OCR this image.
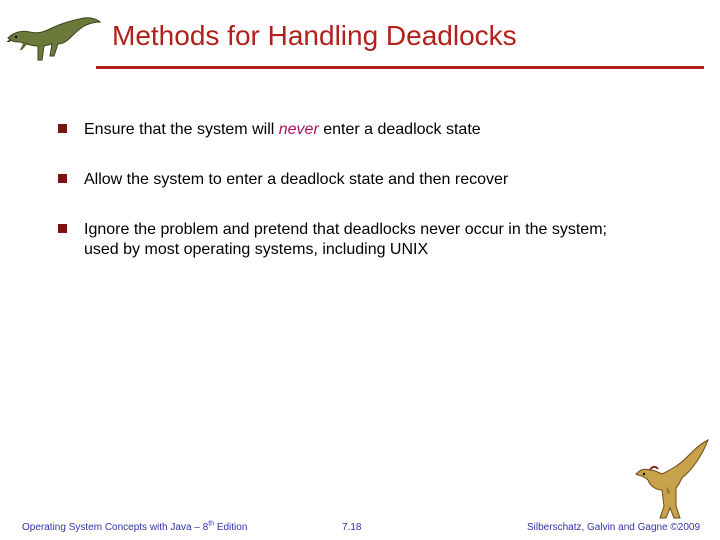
Methods for Handling Deadlocks
Ensure that the system will never enter a deadlock state
Allow the system to enter a deadlock state and then recover
Ignore the problem and pretend that deadlocks never occur in the system; used by most operating systems, including UNIX
Operating System Concepts with Java – 8th Edition	7.18	Silberschatz, Galvin and Gagne ©2009
